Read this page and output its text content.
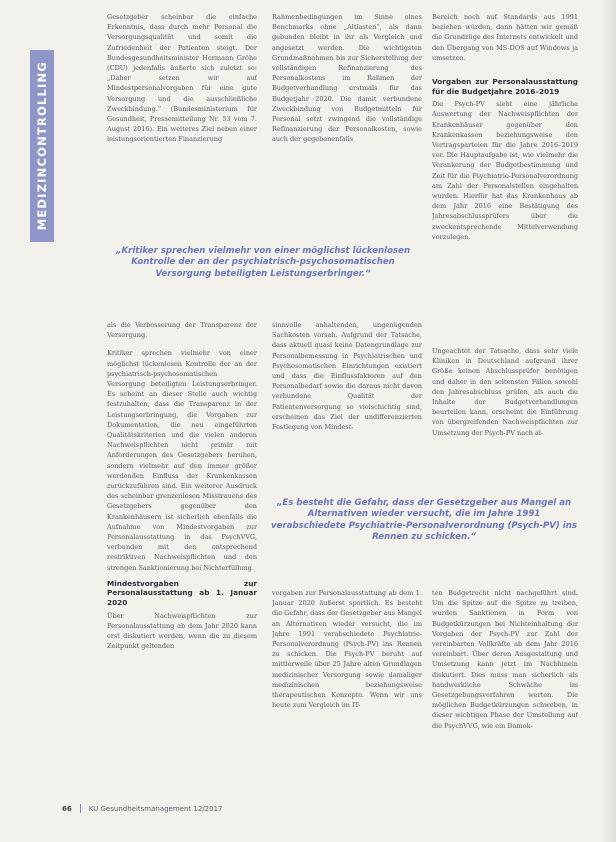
MEDIZINCONTROLLING

Gesetzgeber scheinbar die einfache Erkenntnis, dass durch mehr Personal die Versorgungsqualität und somit die Zufriedenheit der Patienten steigt. Der Bundesgesundheitsminister Hermann Gröhe (CDU) jedenfalls äußerte sich zuletzt so: „Daher setzen wir auf Mindestpersonalvorgaben für eine gute Versorgung und die ausschließliche Zweckbindung.“ (Bundesministerium für Gesundheit, Pressemitteilung Nr. 53 vom 7. August 2016). Ein weiteres Ziel neben einer leistungsorientierten Finanzierung

Rahmenbedingungen im Sinne eines Benchmarks ohne „Altlasten“, als dann gebunden bleibt in ihr als Vergleich und angesetzt werden. Die wichtigsten Grundmaßnahmen bis zur Sicherstellung der vollständigen Refinanzierung des Personalkostens im Rahmen der Budgetverhandlung erstmals für das Budgetjahr 2020. Die damit verbundene Zweckbindung von Budgetmitteln für Personal setzt zwingend die vollständige Refinanzierung der Personalkosten, sowie auch der gegebenenfalls

Bereich noch auf Standards aus 1991 beziehen würden, dann hätten wir gemäß die Grundzüge des Internets entwickelt und den Übergang von MS-DOS auf Windows ja umsetzen.

Vorgaben zur Personalausstattung für die Budgetjahre 2016–2019

Die Psych-PV sieht eine jährliche Auswertung der Nachweispflichten der Krankenhäuser gegenüber den Krankenkassen beziehungsweise den Vertragsparteien für die Jahre 2016–2019 vor. Die Hauptaufgabe ist, wie vielmehr die Verankerung der Budgetbestimmung und Zeit für die Psychiatrie-Personalverordnung am Zahl der Personalstellen eingehalten wurden. Hierfür hat das Krankenhaus ab dem Jahr 2016 eine Bestätigung des Jahresabschlussprüfers über die zweckentsprechende Mittelverwendung vorzulegen.

„Kritiker sprechen vielmehr von einer möglichst lückenlosen Kontrolle der an der psychiatrisch-psychosomatischen Versorgung beteiligten Leistungserbringer.“

als die Verbesserung der Transparenz der Versorgung.

Kritiker sprechen vielmehr von einer möglichst lückenlosen Kontrolle der an der psychiatrisch-psychosomatischen Versorgung beteiligten Leistungserbringer. Es scheint an dieser Stelle auch wichtig festzuhalten, dass die Transparenz in der Leistungserbringung, die Vorgaben zur Dokumentation, die neu eingeführten Qualitätskriterien und die vielen anderen Nachweispflichten nicht primär mit Anforderungen des Gesetzgebers beruhen, sondern vielmehr auf den immer größer werdenden Einfluss der Krankenkassen zurückzuführen sind. Ein weiterer Ausdruck des scheinbar grenzenlosen Misstrauens des Gesetzgebers gegenüber den Krankenhäusern ist sicherlich ebenfalls die Aufnahme von Mindestvorgaben zur Personalausstattung in das PsychVVG, verbunden mit den entsprechend restriktiven Nachweispflichten und den strengen Sanktionierung bei Nichterfüllung.

Mindestvorgaben zur Personalausstattung ab 1. Januar 2020

Über Nachweispflichten zur Personalausstattung ab dem Jahr 2020 kann erst diskutiert werden, wenn die zu diesem Zeitpunkt geltenden

sinnvolle anhaltenden, ungenügenden Sachkosten vorsah. Aufgrund der Tatsache, dass aktuell quasi keine Datengrundlage zur Personalbemessung in Psychiatrischen und Psychosomatischen Einrichtungen existiert und dass die Einflussfaktoren auf den Personalbedarf sowie die daraus nicht davon verbundene Qualität der Patientenversorgung so vielschichtig sind, erscheinen das Ziel der undifferenzierten Festlegung von Mindest-

Ungeachtet der Tatsache, dass sehr viele Kliniken in Deutschland aufgrund ihrer Größe keinen Abschlussprüfer benötigen und daher in den seltensten Fällen sowohl den Jahresabschluss prüfen, als auch die Inhalte der Budgetverhandlungen beurteilen kann, erscheint die Einführung von übergreifenden Nachweispflichten zur Umsetzung der Psych-PV nach al-

„Es besteht die Gefahr, dass der Gesetzgeber aus Mangel an Alternativen wieder versucht, die im Jahre 1991 verabschiedete Psychiatrie-Personalverordnung (Psych-PV) ins Rennen zu schicken.“

vorgaben zur Personalausstattung ab dem 1. Januar 2020 äußerst sportlich. Es besteht die Gefahr, dass der Gesetzgeber aus Mangel an Alternativen wieder versucht, die im Jahre 1991 verabschiedete Psychiatrie-Personalverordnung (Psych-PV) ins Rennen zu schicken. Die Psych-PV beruht auf mittlerweile über 25 Jahre alten Grundlagen medizinischer Versorgung sowie damaliger medizinischen beziehungsweise therapeutischen Konzepte. Wenn wir uns heute zum Vergleich im IT-

ten Budgetrecht nicht nachgeführt sind. Um die Spitze auf die Spitze zu treiben, wurden Sanktionen in Form von Budgetkürzungen bei Nichteinhaltung der Vorgaben der Psych-PV zur Zahl der vereinbarten Vollkräfte ab dem Jahr 2016 vereinbart. Über deren Ausgestaltung und Umsetzung kann jetzt im Nachhinein diskutiert. Dies muss man sicherlich als handwerkliche Schwäche im Gesetzgebungsverfahren werten. Die möglichen Budgetkürzungen schweben, in dieser wichtigen Phase der Umstellung auf die PsychVVG, wie ein Damok-

66 KU Gesundheitsmanagement 12/2017
